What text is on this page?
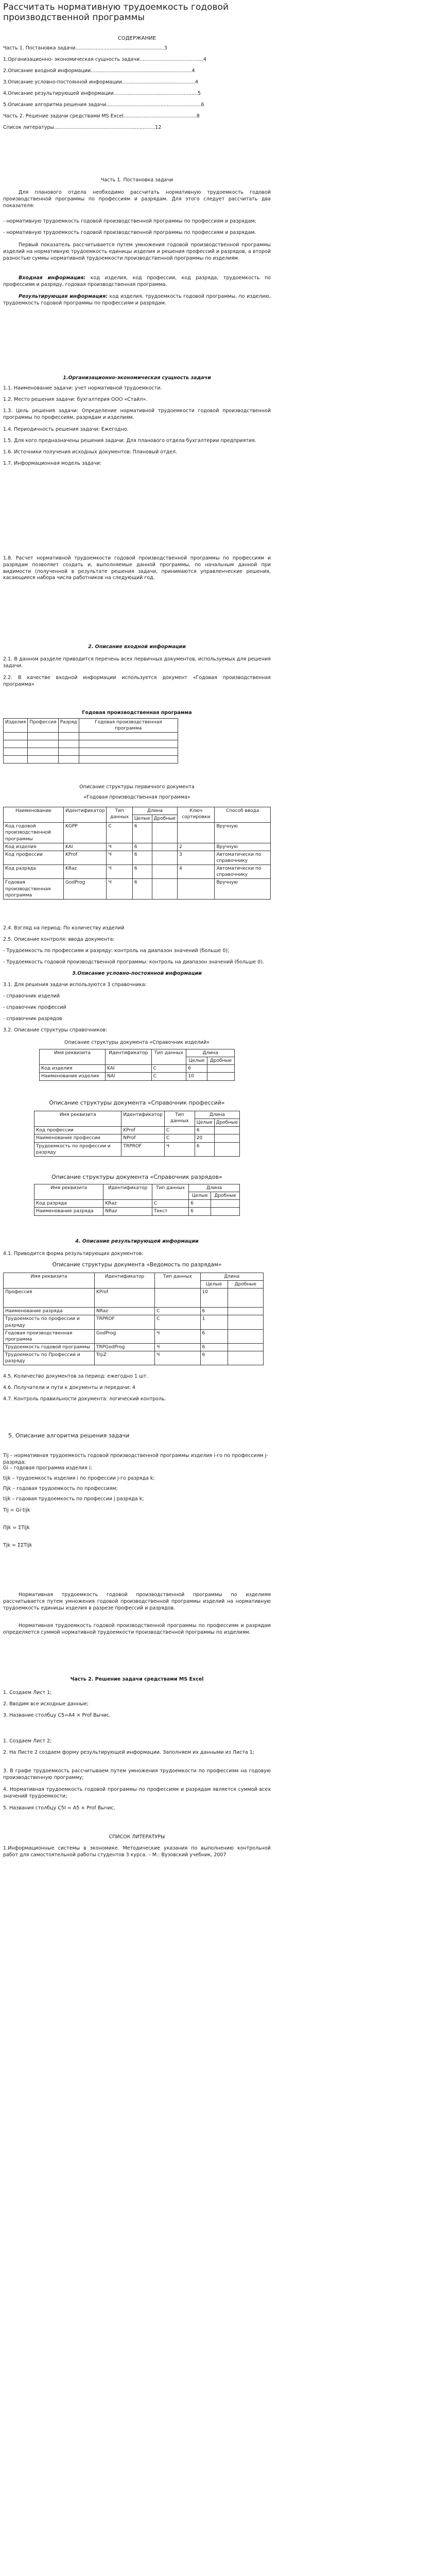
Рассчитать нормативную трудоемкость годовой производственной программы
СОДЕРЖАНИЕ
Часть 1. Постановка задачи.........................................................3
1.Организационно- экономическая сущность задачи.........................................4
2.Описание входной информации.................................................................4
3.Описание условно-постоянной информации...............................................4
4.Описание результирующей информации......................................................5
5.Описание алгоритма решения задачи.............................................................6
Часть 2. Решение задачи средствами MS Excel...............................................8
Список литературы.................................................................12
Часть 1. Постановка задачи
Для планового отдела необходимо рассчитать нормативную трудоемкость годовой производственной программы по профессиям и разрядам. Для этого следует рассчитать два показателя:
- нормативную трудоемкость годовой производственной программы по профессиям и разрядам;
- нормативную трудоемкость годовой производственной программы по профессиям и разрядам.
Первый показатель рассчитывается путем умножения годовой производственной программы изделий на нормативную трудоемкость единицы изделия и решения профессий и разрядов, а второй разностью суммы нормативной трудоемкости производственной программы по изделиям.
Входная информация: код изделия, код профессии, код разряда, трудоемкость по профессиям и разряду, годовая производственная программа.
Результирующая информация: код изделия, трудоемкость годовой программы, по изделию, трудоемкость годовой программы по профессиям и разрядам.
1.Организационно-экономическая сущность задачи
1.1. Наименование задачи: учет нормативной трудоемкости.
1.2. Место решения задачи: бухгалтерия ООО «Стайл».
1.3. Цель решения задачи: Определение нормативной трудоемкости годовой производственной программы по профессиям, разрядам и изделиям.
1.4. Периодичность решения задачи: Ежегодно.
1.5. Для кого предназначены решения задачи: Для планового отдела бухгалтерии предприятия.
1.6. Источники получения исходных документов: Плановый отдел.
1.7. Информационная модель задачи:
1.8. Расчет нормативной трудоемкости годовой производственной программы по профессиям и разрядам позволяет создать и, выполняемые данной программы, по начальным данной при видимости (полученной в результате решения задачи, принимаются управленческие решения, касающиеся набора числа работников на следующий год.
2. Описание входной информации
2.1. В данном разделе приводится перечень всех первичных документов, используемых для решения задачи.
2.2. В качестве входной информации используется документ «Годовая производственная программа»
Годовая производственная программа
Изделия	Профессия	Разряд	Годовая производственная программа

Описание структуры первичного документа
«Годовая производственная программа»
Наименование	Идентификатор	Тип данных	Длина		Ключ сортировки	Способ ввода
			Целые	Дробные		
Код годовой производственной программы	KGPP	С	6			Вручную
Код изделия	KAI	Ч	6		2	Вручную
Код профессии	KProf	Ч	6		3	Автоматически по справочнику
Код разряда	KRaz	Ч	6		4	Автоматически по справочнику
Годовая производственная программа	GodProg	Ч	6			Вручную
2.4. Взгляд на период: По количеству изделий
2.5. Описание контроля: ввода документа:
- Трудоемкость по профессиям и разряду: контроль на диапазон значений (больше 0);
- Трудоемкость годовой производственной программы: контроль на диапазон значений (больше 0).
3.Описание условно-постоянной информации
3.1. Для решения задачи используются 3 справочника:
- справочник изделий
- справочник профессий
- справочник разрядов
3.2. Описание структуры справочников:
Описание структуры документа «Справочник изделий»
Имя реквизита	Идентификатор	Тип данных	Длина	
			Целые	Дробные
Код изделия	KAI	С	6	
Наименование изделия	NAI	С	10	
Описание структуры документа «Справочник профессий»
Имя реквизита	Идентификатор	Тип данных	Длина	
			Целые	Дробные
Код профессии	KProf	С	6	
Наименование профессии	NProf	С	20	
Трудоемкость по профессии и разряду	TRPROF	Ч	6	
Описание структуры документа «Справочник разрядов»
Имя реквизита	Идентификатор	Тип данных	Длина	
			Целые	Дробные
Код разряда	KRaz	С	6	
Наименование разряда	NRaz	Текст	6	
4. Описание результирующей информации
4.1. Приводится форма результирующих документов:
Описание структуры документа «Ведомость по разрядам»
Имя реквизита	Идентификатор	Тип данных	Длина	
			Целые	Дробные
Профессия	KProf		10	
Наименование разряда	NRaz	С	6	
Трудоемкость по профессии и разряду	TRPROF	С	1	
Годовая производственная программа	GodProg	Ч	6	
Трудоемкость годовой программы	TRPGodProg	Ч	6	
Трудоемкость по Профессии и разряду	TrpZ	Ч	6	
4.5. Количество документов за период: ежегодно 1 шт.
4.6. Получатели и пути к документы и передачи: 4
4.7. Контроль правильности документа: логический контроль.
5. Описание алгоритма решения задачи
Tij – нормативная трудоемкость годовой производственной программы изделия i-го по профессиям j-разряда;
Gi – годовая программа изделия i;
tijk – трудоемкость изделия i по профессии j-го разряда k;
Пjk – годовая трудоемкость по профессиям;
tijk – годовая трудоемкость по профессии j разряда k;
Tij = Gi·tijk
Пjk = ΣTijk
Tjk = ΣΣTijk
Нормативная трудоемкость годовой производственной программы по изделиям рассчитывается путем умножения годовой производственной программы изделий на нормативную трудоемкость единицы изделия в разрезе профессий и разрядов.
Нормативная трудоемкость годовой производственной программы по профессиям и разрядам определяется суммой нормативной трудоемкости производственной программы по изделиям.
Часть 2. Решение задачи средствами MS Excel
1. Создаем Лист 1;
2. Вводим все исходные данные;
3. Название столбцу C5=A4 × Prof Вычис.
1. Создаем Лист 2;
2. На Листе 2 создаем форму результирующей информации. Заполняем их данными из Листа 1;
3. В графе трудоемкость рассчитываем путем умножения трудоемкости по профессиям на годовую производственную программу;
4. Нормативная трудоемкость годовой программы по профессиям и разрядам является суммой всех значений трудоемкости;
5. Названия столбцу C5I = A5 × Prof Вычис.
СПИСОК ЛИТЕРАТУРЫ
1.Информационные системы в экономике. Методические указания по выполнению контрольной работ для самостоятельной работы студентов 3 курса. – М.: Вузовский учебник, 2007
